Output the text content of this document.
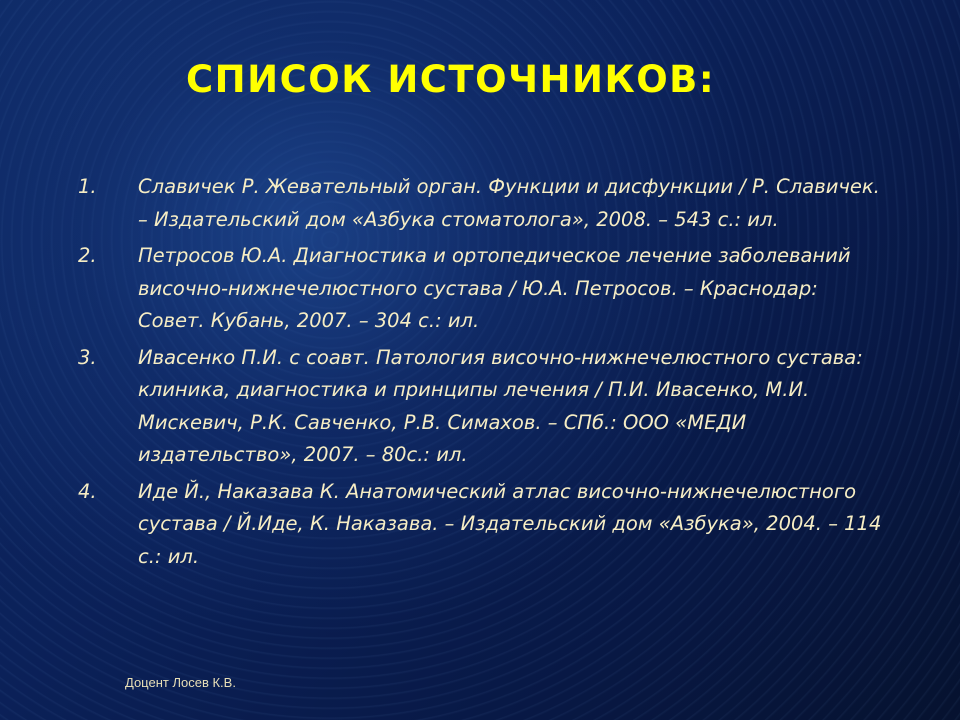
СПИСОК ИСТОЧНИКОВ:
1. Славичек Р. Жевательный орган. Функции и дисфункции / Р. Славичек. – Издательский дом «Азбука стоматолога», 2008. – 543 с.: ил.
2. Петросов Ю.А. Диагностика и ортопедическое лечение заболеваний височно-нижнечелюстного сустава / Ю.А. Петросов. – Краснодар: Совет. Кубань, 2007. – 304 с.: ил.
3. Ивасенко П.И. с соавт. Патология височно-нижнечелюстного сустава: клиника, диагностика и принципы лечения / П.И. Ивасенко, М.И. Мискевич, Р.К. Савченко, Р.В. Симахов. – СПб.: ООО «МЕДИ издательство», 2007. – 80с.: ил.
4. Иде Й., Наказава К. Анатомический атлас височно-нижнечелюстного сустава / Й.Иде, К. Наказава. – Издательский дом «Азбука», 2004. – 114 с.: ил.
Доцент Лосев К.В.
